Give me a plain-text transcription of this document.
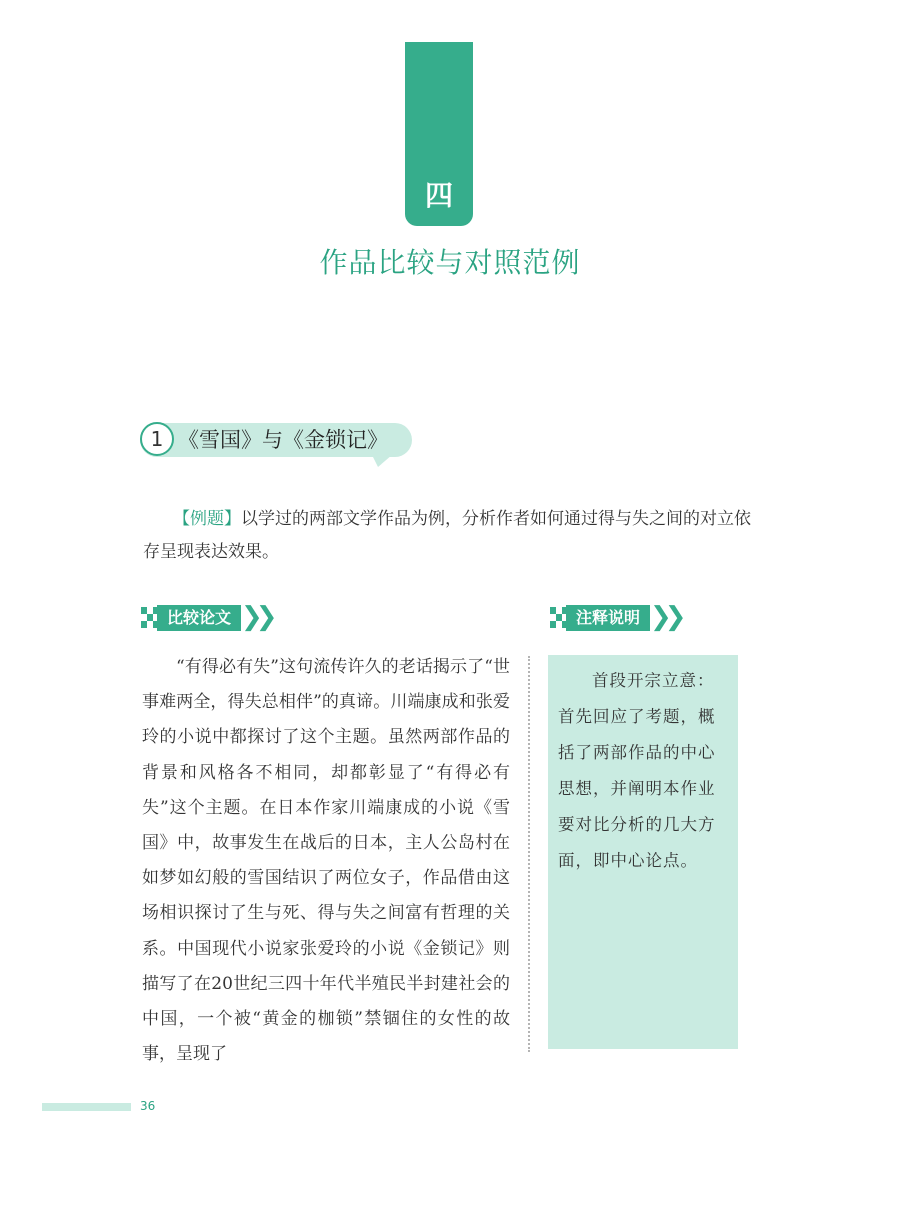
四
作品比较与对照范例
1 《雪国》与《金锁记》
【例题】以学过的两部文学作品为例，分析作者如何通过得与失之间的对立依存呈现表达效果。
比较论文 ❯❯	注释说明 ❯❯
“有得必有失”这句流传许久的老话揭示了“世事难两全，得失总相伴”的真谛。川端康成和张爱玲的小说中都探讨了这个主题。虽然两部作品的背景和风格各不相同，却都彰显了“有得必有失”这个主题。在日本作家川端康成的小说《雪国》中，故事发生在战后的日本，主人公岛村在如梦如幻般的雪国结识了两位女子，作品借由这场相识探讨了生与死、得与失之间富有哲理的关系。中国现代小说家张爱玲的小说《金锁记》则描写了在20世纪三四十年代半殖民半封建社会的中国，一个被“黄金的枷锁”禁锢住的女性的故事，呈现了
首段开宗立意：首先回应了考题，概括了两部作品的中心思想，并阐明本作业要对比分析的几大方面，即中心论点。
36
